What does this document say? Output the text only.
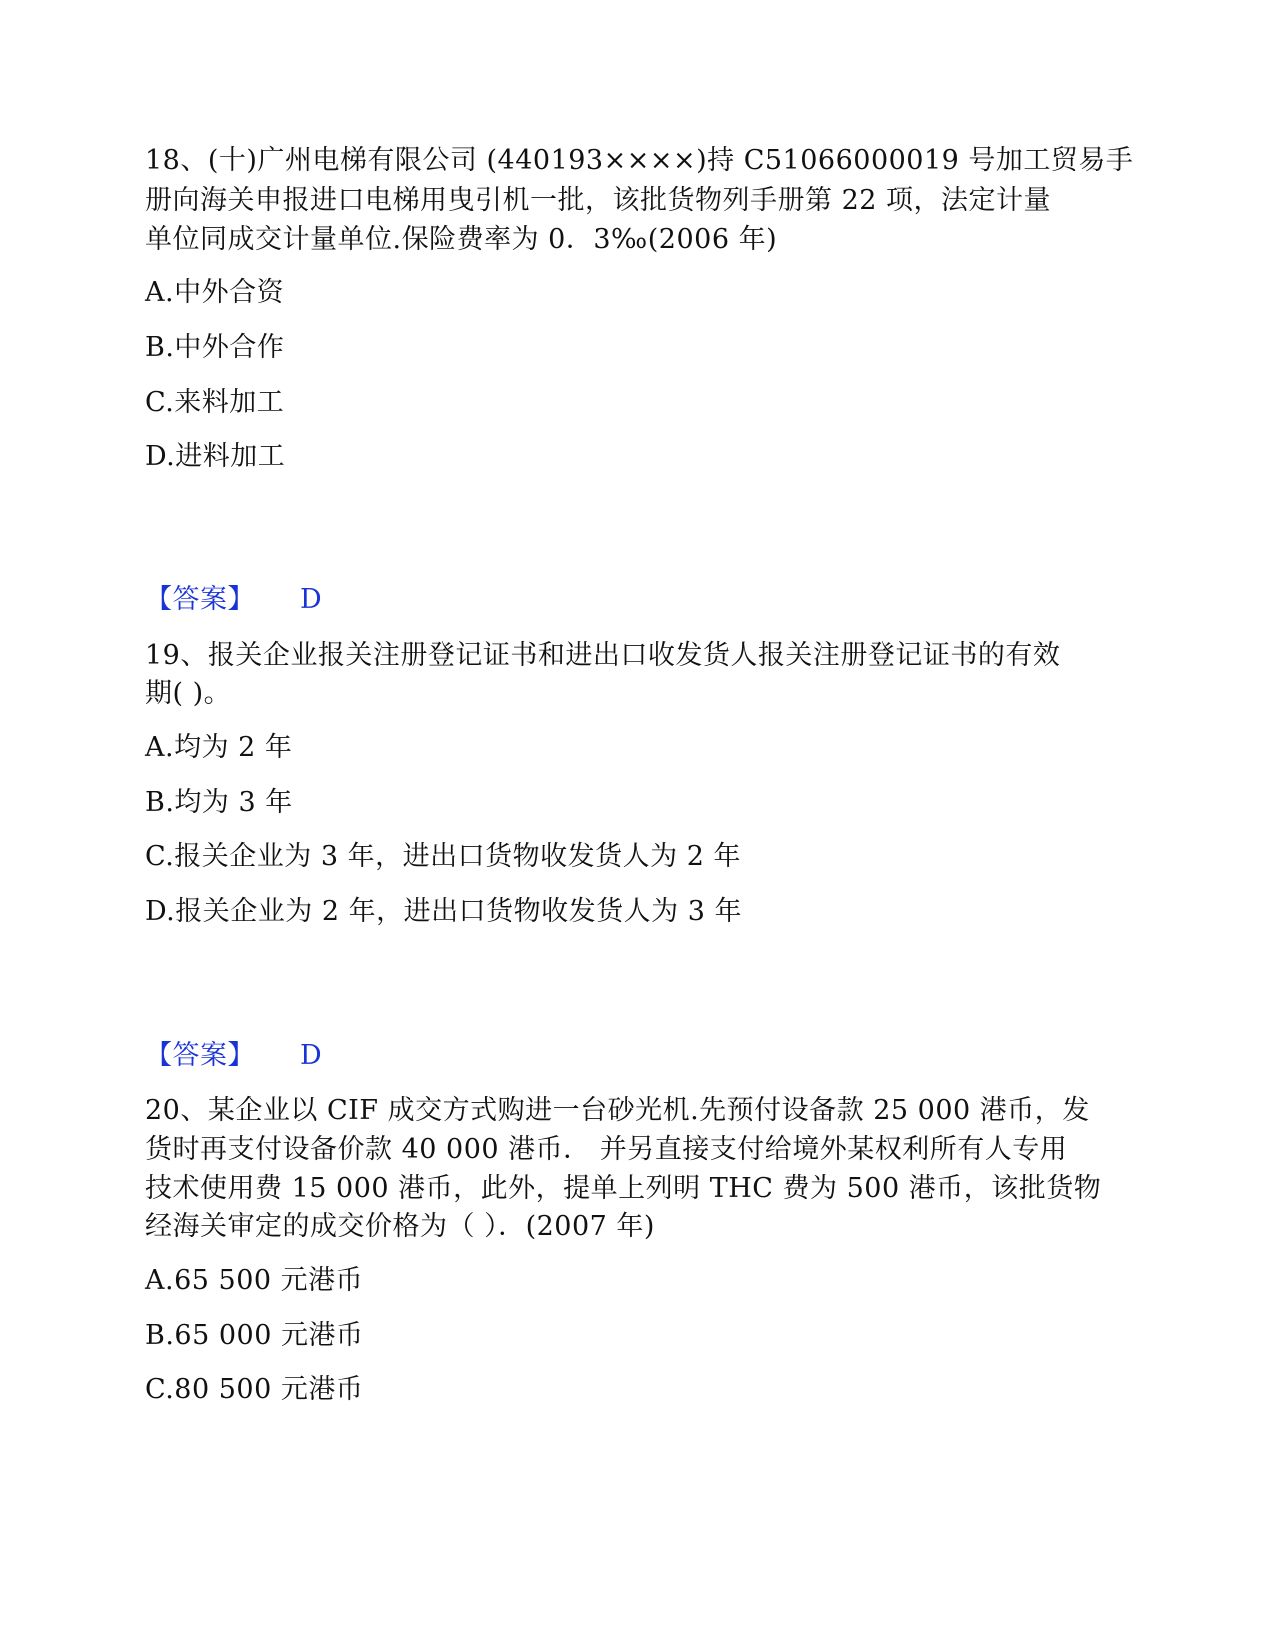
18、(十)广州电梯有限公司 (440193××××)持 C51066000019 号加工贸易手
册向海关申报进口电梯用曳引机一批，该批货物列手册第 22 项，法定计量
单位同成交计量单位.保险费率为 0．3‰(2006 年)
A.中外合资
B.中外合作
C.来料加工
D.进料加工
【答案】 D
19、报关企业报关注册登记证书和进出口收发货人报关注册登记证书的有效
期( )。
A.均为 2 年
B.均为 3 年
C.报关企业为 3 年，进出口货物收发货人为 2 年
D.报关企业为 2 年，进出口货物收发货人为 3 年
【答案】 D
20、某企业以 CIF 成交方式购进一台砂光机.先预付设备款 25 000 港币，发
货时再支付设备价款 40 000 港币． 并另直接支付给境外某权利所有人专用
技术使用费 15 000 港币，此外，提单上列明 THC 费为 500 港币，该批货物
经海关审定的成交价格为（ ）．(2007 年)
A.65 500 元港币
B.65 000 元港币
C.80 500 元港币
